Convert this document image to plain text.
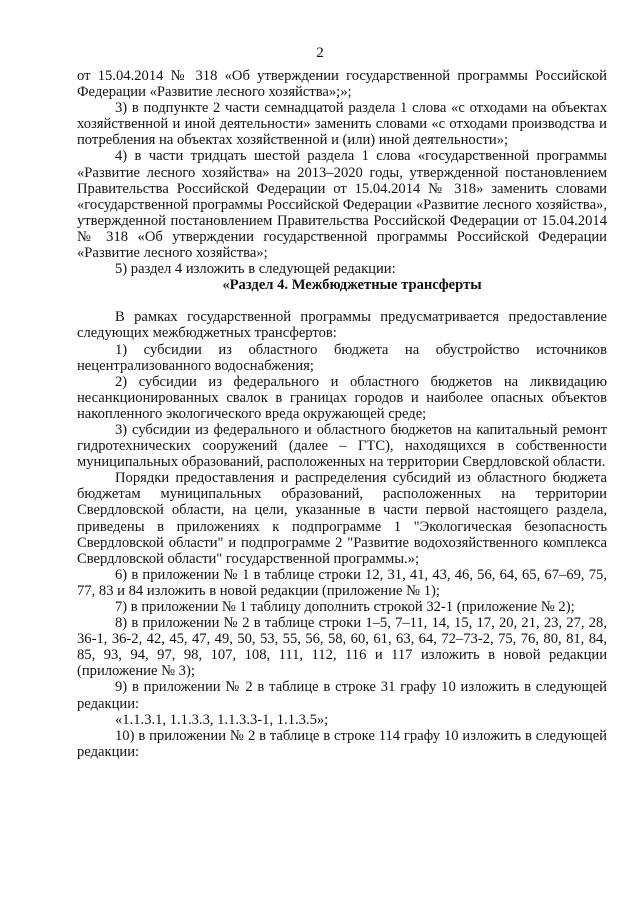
2

от 15.04.2014 № 318 «Об утверждении государственной программы Российской Федерации «Развитие лесного хозяйства»;»;

3) в подпункте 2 части семнадцатой раздела 1 слова «с отходами на объектах хозяйственной и иной деятельности» заменить словами «с отходами производства и потребления на объектах хозяйственной и (или) иной деятельности»;

4) в части тридцать шестой раздела 1 слова «государственной программы «Развитие лесного хозяйства» на 2013–2020 годы, утвержденной постановлением Правительства Российской Федерации от 15.04.2014 № 318» заменить словами «государственной программы Российской Федерации «Развитие лесного хозяйства», утвержденной постановлением Правительства Российской Федерации от 15.04.2014 № 318 «Об утверждении государственной программы Российской Федерации «Развитие лесного хозяйства»;

5) раздел 4 изложить в следующей редакции:

«Раздел 4. Межбюджетные трансферты

В рамках государственной программы предусматривается предоставление следующих межбюджетных трансфертов:

1) субсидии из областного бюджета на обустройство источников нецентрализованного водоснабжения;

2) субсидии из федерального и областного бюджетов на ликвидацию несанкционированных свалок в границах городов и наиболее опасных объектов накопленного экологического вреда окружающей среде;

3) субсидии из федерального и областного бюджетов на капитальный ремонт гидротехнических сооружений (далее – ГТС), находящихся в собственности муниципальных образований, расположенных на территории Свердловской области.

Порядки предоставления и распределения субсидий из областного бюджета бюджетам муниципальных образований, расположенных на территории Свердловской области, на цели, указанные в части первой настоящего раздела, приведены в приложениях к подпрограмме 1 "Экологическая безопасность Свердловской области" и подпрограмме 2 "Развитие водохозяйственного комплекса Свердловской области" государственной программы.»;

6) в приложении № 1 в таблице строки 12, 31, 41, 43, 46, 56, 64, 65, 67–69, 75, 77, 83 и 84 изложить в новой редакции (приложение № 1);

7) в приложении № 1 таблицу дополнить строкой 32-1 (приложение № 2);

8) в приложении № 2 в таблице строки 1–5, 7–11, 14, 15, 17, 20, 21, 23, 27, 28, 36-1, 36-2, 42, 45, 47, 49, 50, 53, 55, 56, 58, 60, 61, 63, 64, 72–73-2, 75, 76, 80, 81, 84, 85, 93, 94, 97, 98, 107, 108, 111, 112, 116 и 117 изложить в новой редакции (приложение № 3);

9) в приложении № 2 в таблице в строке 31 графу 10 изложить в следующей редакции:

«1.1.3.1, 1.1.3.3, 1.1.3.3-1, 1.1.3.5»;

10) в приложении № 2 в таблице в строке 114 графу 10 изложить в следующей редакции:
